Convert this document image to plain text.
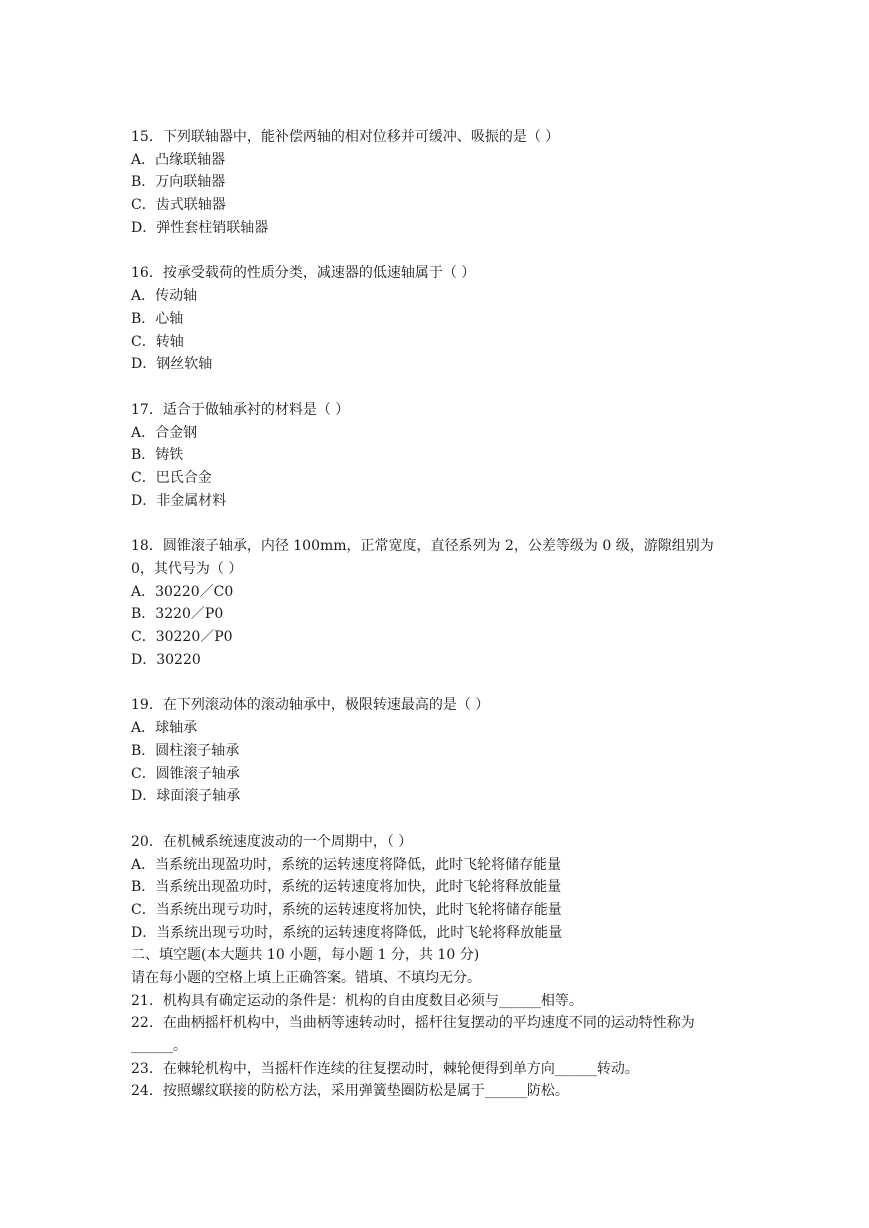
15．下列联轴器中，能补偿两轴的相对位移并可缓冲、吸振的是（ ）
A．凸缘联轴器
B．万向联轴器
C．齿式联轴器
D．弹性套柱销联轴器
16．按承受载荷的性质分类，减速器的低速轴属于（ ）
A．传动轴
B．心轴
C．转轴
D．钢丝软轴
17．适合于做轴承衬的材料是（ ）
A．合金钢
B．铸铁
C．巴氏合金
D．非金属材料
18．圆锥滚子轴承，内径 100mm，正常宽度，直径系列为 2，公差等级为 0 级，游隙组别为
0，其代号为（ ）
A．30220／C0
B．3220／P0
C．30220／P0
D．30220
19．在下列滚动体的滚动轴承中，极限转速最高的是（ ）
A．球轴承
B．圆柱滚子轴承
C．圆锥滚子轴承
D．球面滚子轴承
20．在机械系统速度波动的一个周期中，（ ）
A．当系统出现盈功时，系统的运转速度将降低，此时飞轮将储存能量
B．当系统出现盈功时，系统的运转速度将加快，此时飞轮将释放能量
C．当系统出现亏功时，系统的运转速度将加快，此时飞轮将储存能量
D．当系统出现亏功时，系统的运转速度将降低，此时飞轮将释放能量
二、填空题(本大题共 10 小题，每小题 1 分，共 10 分)
请在每小题的空格上填上正确答案。错填、不填均无分。
21．机构具有确定运动的条件是：机构的自由度数目必须与______相等。
22．在曲柄摇杆机构中，当曲柄等速转动时，摇杆往复摆动的平均速度不同的运动特性称为
______。
23．在棘轮机构中，当摇杆作连续的往复摆动时，棘轮便得到单方向______转动。
24．按照螺纹联接的防松方法，采用弹簧垫圈防松是属于______防松。
